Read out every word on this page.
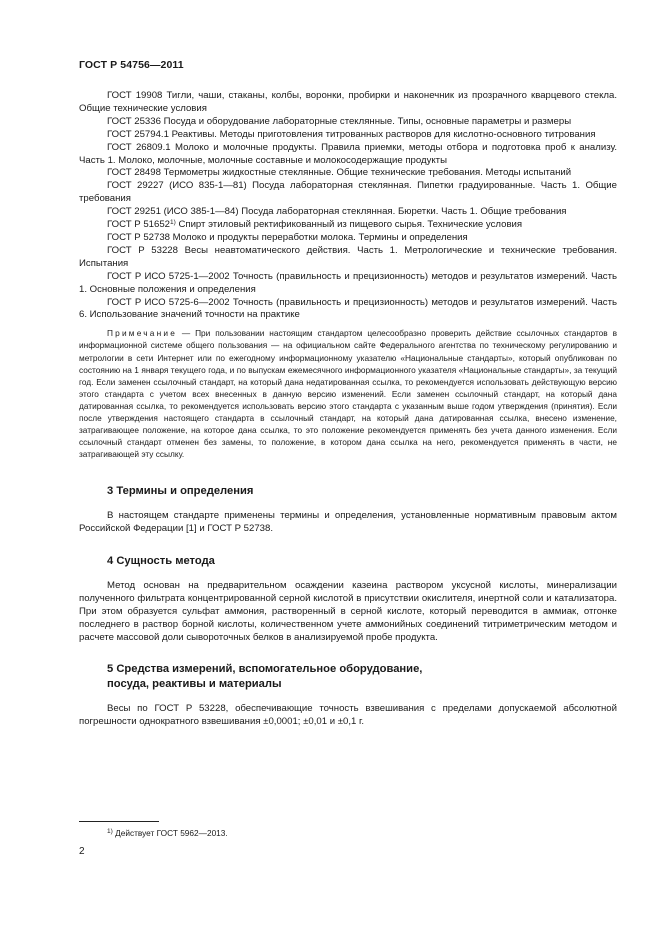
ГОСТ Р 54756—2011

ГОСТ 19908 Тигли, чаши, стаканы, колбы, воронки, пробирки и наконечник из прозрачного кварцевого стекла. Общие технические условия

ГОСТ 25336 Посуда и оборудование лабораторные стеклянные. Типы, основные параметры и размеры

ГОСТ 25794.1 Реактивы. Методы приготовления титрованных растворов для кислотно-основного титрования

ГОСТ 26809.1 Молоко и молочные продукты. Правила приемки, методы отбора и подготовка проб к анализу. Часть 1. Молоко, молочные, молочные составные и молокосодержащие продукты

ГОСТ 28498 Термометры жидкостные стеклянные. Общие технические требования. Методы испытаний

ГОСТ 29227 (ИСО 835-1—81) Посуда лабораторная стеклянная. Пипетки градуированные. Часть 1. Общие требования

ГОСТ 29251 (ИСО 385-1—84) Посуда лабораторная стеклянная. Бюретки. Часть 1. Общие требования

ГОСТ Р 51652$^{1)}$ Спирт этиловый ректификованный из пищевого сырья. Технические условия

ГОСТ Р 52738 Молоко и продукты переработки молока. Термины и определения

ГОСТ Р 53228 Весы неавтоматического действия. Часть 1. Метрологические и технические требования. Испытания

ГОСТ Р ИСО 5725-1—2002 Точность (правильность и прецизионность) методов и результатов измерений. Часть 1. Основные положения и определения

ГОСТ Р ИСО 5725-6—2002 Точность (правильность и прецизионность) методов и результатов измерений. Часть 6. Использование значений точности на практике

Примечание — При пользовании настоящим стандартом целесообразно проверить действие ссылочных стандартов в информационной системе общего пользования — на официальном сайте Федерального агентства по техническому регулированию и метрологии в сети Интернет или по ежегодному информационному указателю «Национальные стандарты», который опубликован по состоянию на 1 января текущего года, и по выпускам ежемесячного информационного указателя «Национальные стандарты», за текущий год. Если заменен ссылочный стандарт, на который дана недатированная ссылка, то рекомендуется использовать действующую версию этого стандарта с учетом всех внесенных в данную версию изменений. Если заменен ссылочный стандарт, на который дана датированная ссылка, то рекомендуется использовать версию этого стандарта с указанным выше годом утверждения (принятия). Если после утверждения настоящего стандарта в ссылочный стандарт, на который дана датированная ссылка, внесено изменение, затрагивающее положение, на которое дана ссылка, то это положение рекомендуется применять без учета данного изменения. Если ссылочный стандарт отменен без замены, то положение, в котором дана ссылка на него, рекомендуется применять в части, не затрагивающей эту ссылку.

3 Термины и определения

В настоящем стандарте применены термины и определения, установленные нормативным правовым актом Российской Федерации [1] и ГОСТ Р 52738.

4 Сущность метода

Метод основан на предварительном осаждении казеина раствором уксусной кислоты, минерализации полученного фильтрата концентрированной серной кислотой в присутствии окислителя, инертной соли и катализатора. При этом образуется сульфат аммония, растворенный в серной кислоте, который переводится в аммиак, отгонке последнего в раствор борной кислоты, количественном учете аммонийных соединений титриметрическим методом и расчете массовой доли сывороточных белков в анализируемой пробе продукта.

5 Средства измерений, вспомогательное оборудование,

посуда, реактивы и материалы

Весы по ГОСТ Р 53228, обеспечивающие точность взвешивания с пределами допускаемой абсолютной погрешности однократного взвешивания ±0,0001; ±0,01 и ±0,1 г.

$^{1)}$ Действует ГОСТ 5962—2013.
2
